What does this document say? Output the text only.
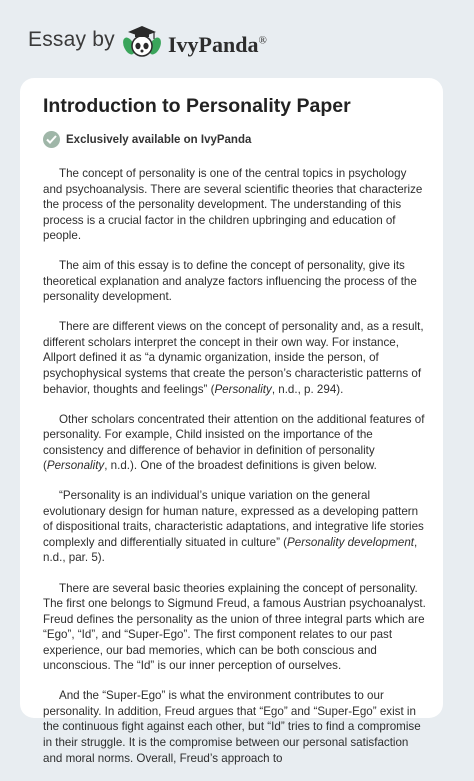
Essay by IvyPanda®
Introduction to Personality Paper
Exclusively available on IvyPanda

The concept of personality is one of the central topics in psychology and psychoanalysis. There are several scientific theories that characterize the process of the personality development. The understanding of this process is a crucial factor in the children upbringing and education of people.

The aim of this essay is to define the concept of personality, give its theoretical explanation and analyze factors influencing the process of the personality development.

There are different views on the concept of personality and, as a result, different scholars interpret the concept in their own way. For instance, Allport defined it as “a dynamic organization, inside the person, of psychophysical systems that create the person’s characteristic patterns of behavior, thoughts and feelings” (Personality, n.d., p. 294).

Other scholars concentrated their attention on the additional features of personality. For example, Child insisted on the importance of the consistency and difference of behavior in definition of personality (Personality, n.d.). One of the broadest definitions is given below.

“Personality is an individual’s unique variation on the general evolutionary design for human nature, expressed as a developing pattern of dispositional traits, characteristic adaptations, and integrative life stories complexly and differentially situated in culture” (Personality development, n.d., par. 5).

There are several basic theories explaining the concept of personality. The first one belongs to Sigmund Freud, a famous Austrian psychoanalyst. Freud defines the personality as the union of three integral parts which are “Ego”, “Id”, and “Super-Ego”. The first component relates to our past experience, our bad memories, which can be both conscious and unconscious. The “Id” is our inner perception of ourselves.

And the “Super-Ego” is what the environment contributes to our personality. In addition, Freud argues that “Ego” and “Super-Ego” exist in the continuous fight against each other, but “Id” tries to find a compromise in their struggle. It is the compromise between our personal satisfaction and moral norms. Overall, Freud’s approach to
